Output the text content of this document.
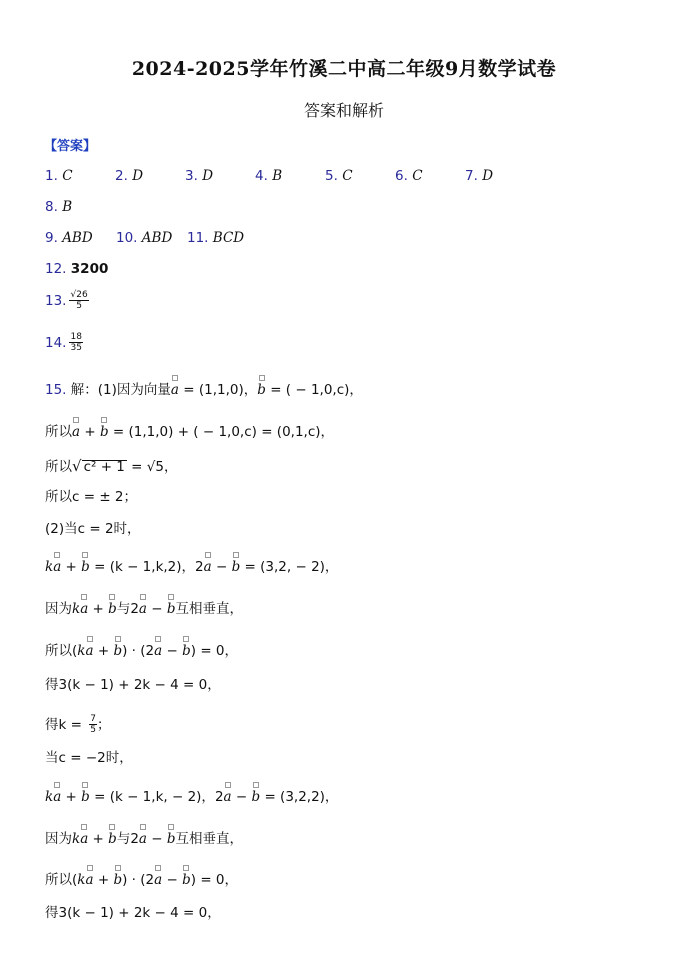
2024-2025学年竹溪二中高二年级9月数学试卷
答案和解析
【答案】
1. C	2. D	3. D	4. B	5. C	6. C	7. D
8. B
9. ABD 10. ABD 11. BCD
12. 3200
13. $\frac{√26}{5}$
14. $\frac{18}{35}$
15. 解：(1)因为向量a = (1,1,0)，b = ( − 1,0,c)，
所以a + b = (1,1,0) + ( − 1,0,c) = (0,1,c)，
所以√ c² + 1 = √5，
所以c = ± 2；
(2)当c = 2时，
ka + b = (k − 1,k,2)，2a − b = (3,2, − 2)，
因为ka + b与2a − b互相垂直，
所以(ka + b) · (2a − b) = 0，
得3(k − 1) + 2k − 4 = 0，
得$k = \frac{7}{5}$ ；
当c = −2时，
ka + b = (k − 1,k, − 2)，2a − b = (3,2,2)，
因为ka + b与2a − b互相垂直，
所以(ka + b) · (2a − b) = 0，
得3(k − 1) + 2k − 4 = 0，
